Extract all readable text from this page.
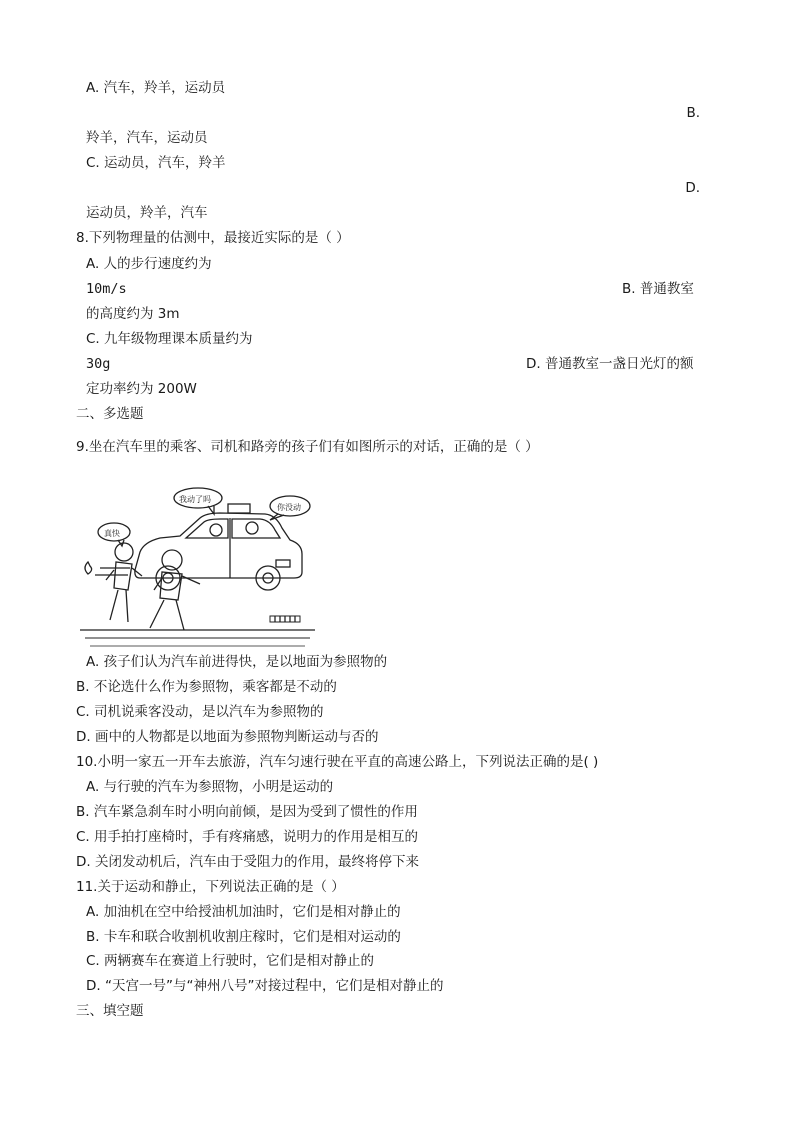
A. 汽车，羚羊，运动员
B.
羚羊，汽车，运动员
C. 运动员，汽车，羚羊
D.
运动员，羚羊，汽车
8.下列物理量的估测中，最接近实际的是（ ）
A. 人的步行速度约为
10m/s	B. 普通教室
的高度约为 3m
C. 九年级物理课本质量约为
30g	D. 普通教室一盏日光灯的额
定功率约为 200W
二、多选题
9.坐在汽车里的乘客、司机和路旁的孩子们有如图所示的对话，正确的是（ ）
真快
我动了吗
你没动
A. 孩子们认为汽车前进得快，是以地面为参照物的
B. 不论选什么作为参照物，乘客都是不动的
C. 司机说乘客没动，是以汽车为参照物的
D. 画中的人物都是以地面为参照物判断运动与否的
10.小明一家五一开车去旅游，汽车匀速行驶在平直的高速公路上，下列说法正确的是( )
A. 与行驶的汽车为参照物，小明是运动的
B. 汽车紧急刹车时小明向前倾，是因为受到了惯性的作用
C. 用手拍打座椅时，手有疼痛感，说明力的作用是相互的
D. 关闭发动机后，汽车由于受阻力的作用，最终将停下来
11.关于运动和静止，下列说法正确的是（ ）
A. 加油机在空中给授油机加油时，它们是相对静止的
B. 卡车和联合收割机收割庄稼时，它们是相对运动的
C. 两辆赛车在赛道上行驶时，它们是相对静止的
D. “天宫一号”与“神州八号”对接过程中，它们是相对静止的
三、填空题
